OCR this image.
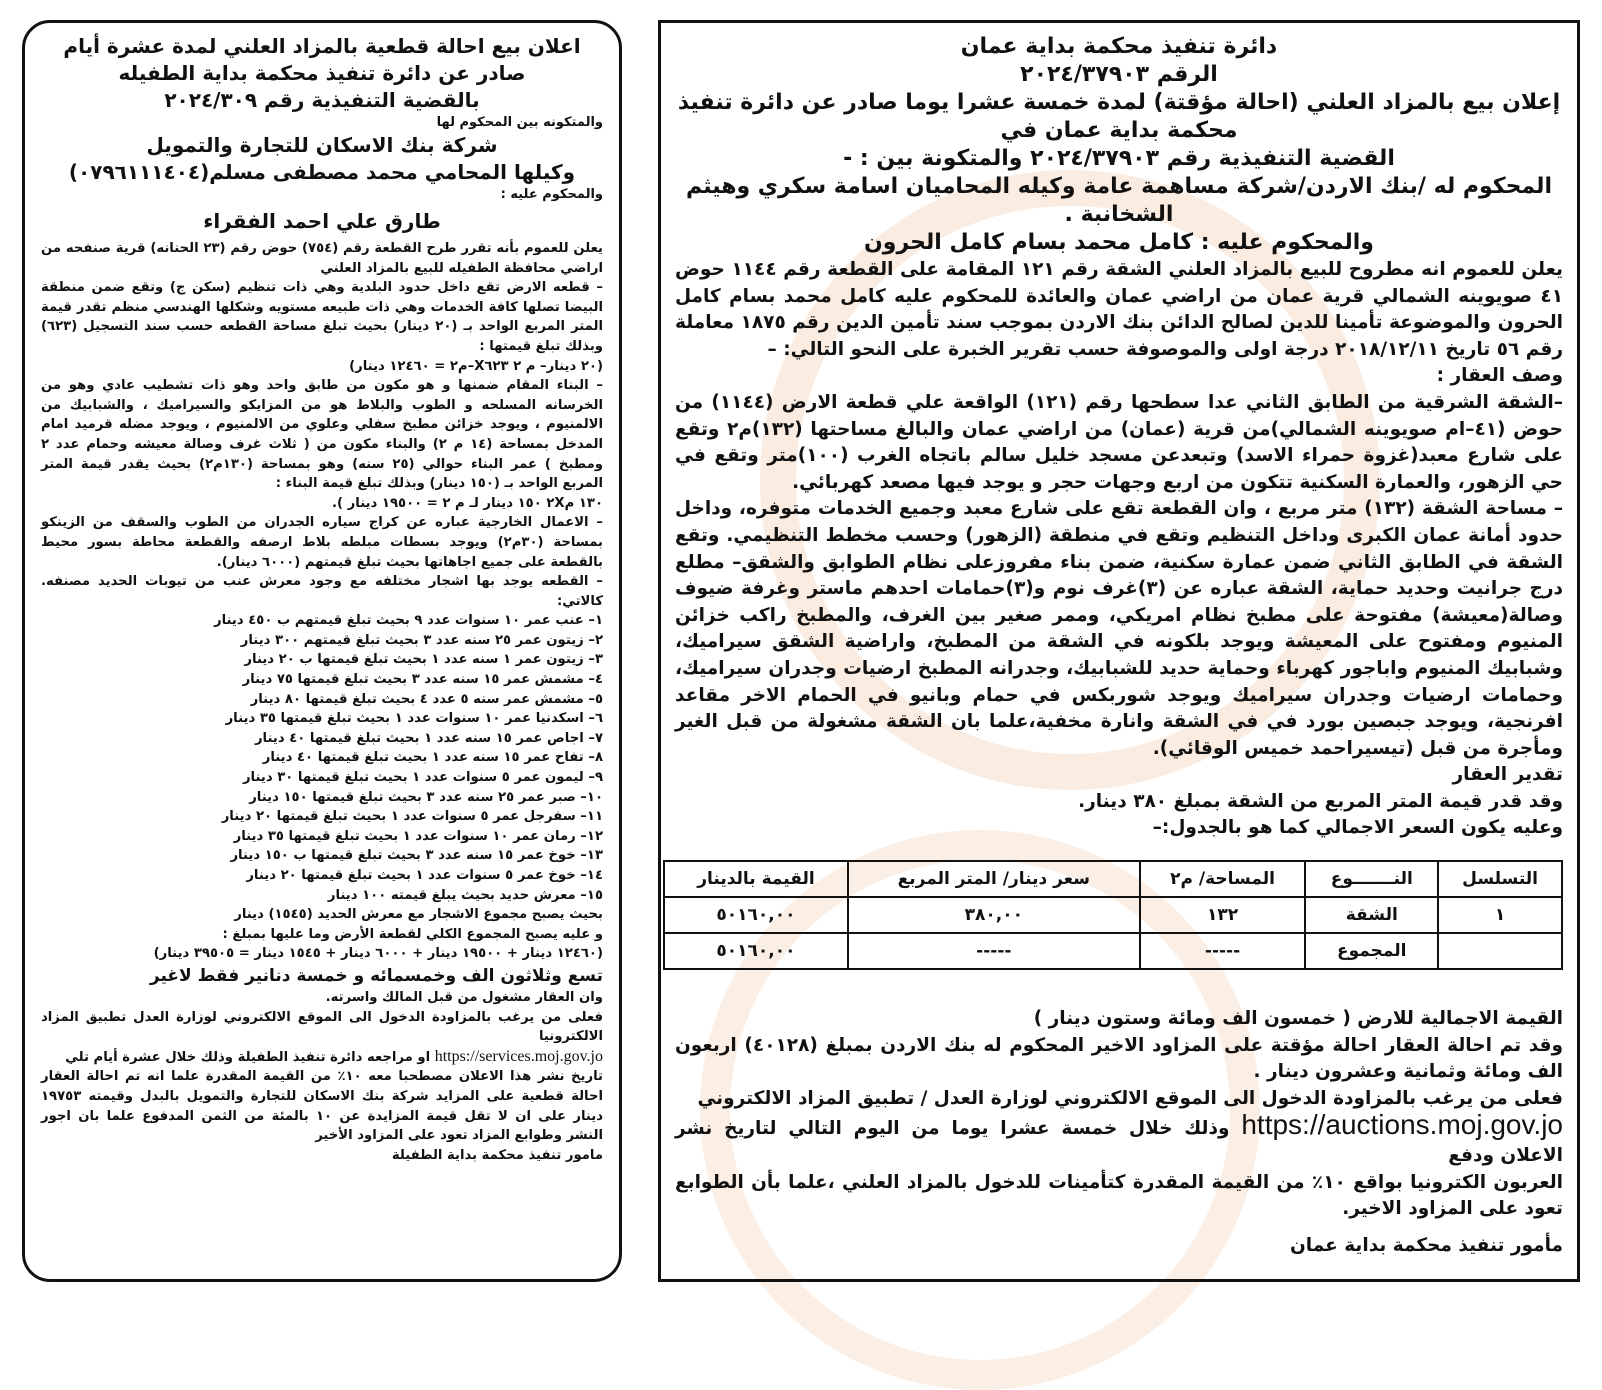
دائرة تنفيذ محكمة بداية عمان
الرقم ٢٠٢٤/٣٧٩٠٣
إعلان بيع بالمزاد العلني (احالة مؤقتة) لمدة خمسة عشرا يوما صادر عن دائرة تنفيذ محكمة بداية عمان في
القضية التنفيذية رقم ٢٠٢٤/٣٧٩٠٣ والمتكونة بين : -
المحكوم له /بنك الاردن/شركة مساهمة عامة وكيله المحاميان اسامة سكري وهيثم الشخانبة .
والمحكوم عليه : كامل محمد بسام كامل الحرون

يعلن للعموم انه مطروح للبيع بالمزاد العلني الشقة رقم ١٢١ المقامة على القطعة رقم ١١٤٤ حوض ٤١ صويوينه الشمالي قرية عمان من اراضي عمان والعائدة للمحكوم عليه كامل محمد بسام كامل الحرون والموضوعة تأمينا للدين لصالح الدائن بنك الاردن بموجب سند تأمين الدين رقم ١٨٧٥ معاملة رقم ٥٦ تاريخ ٢٠١٨/١٢/١١ درجة اولى والموصوفة حسب تقرير الخبرة على النحو التالي: –

وصف العقار :

–الشقة الشرقية من الطابق الثاني عدا سطحها رقم (١٢١) الواقعة علي قطعة الارض (١١٤٤) من حوض (٤١–ام صويوينه الشمالي)من قرية (عمان) من اراضي عمان والبالغ مساحتها (١٣٢)م٢ وتقع على شارع معبد(غزوة حمراء الاسد) وتبعدعن مسجد خليل سالم باتجاه الغرب (١٠٠)متر وتقع في حي الزهور، والعمارة السكنية تتكون من اربع وجهات حجر و يوجد فيها مصعد كهربائي.

– مساحة الشقة (١٣٢) متر مربع ، وان القطعة تقع على شارع معبد وجميع الخدمات متوفره، وداخل حدود أمانة عمان الكبرى وداخل التنظيم وتقع في منطقة (الزهور) وحسب مخطط التنظيمي. وتقع الشقة في الطابق الثاني ضمن عمارة سكنية، ضمن بناء مفروزعلى نظام الطوابق والشقق– مطلع درج جرانيت وحديد حماية، الشقة عباره عن (٣)غرف نوم و(٣)حمامات احدهم ماستر وغرفة ضيوف وصالة(معيشة) مفتوحة على مطبخ نظام امريكي، وممر صغير بين الغرف، والمطبخ راكب خزائن المنيوم ومفتوح على المعيشة ويوجد بلكونه في الشقة من المطبخ، واراضية الشقق سيراميك، وشبابيك المنيوم واباجور كهرباء وحماية حديد للشبابيك، وجدرانه المطبخ ارضيات وجدران سيراميك، وحمامات ارضيات وجدران سيراميك ويوجد شوربكس في حمام وبانيو في الحمام الاخر مقاعد افرنجية، ويوجد جبصين بورد في في الشقة وانارة مخفية،علما بان الشقة مشغولة من قبل الغير ومأجرة من قبل (تيسيراحمد خميس الوقائي).

تقدير العقار

وقد قدر قيمة المتر المربع من الشقة بمبلغ ٣٨٠ دينار.

وعليه يكون السعر الاجمالي كما هو بالجدول:–

التسلسل	النـــــــوع	المساحة/ م٢	سعر دينار/ المتر المربع	القيمة بالدينار
١	الشقة	١٣٢	٣٨٠,٠٠	٥٠١٦٠,٠٠
	المجموع	-----	-----	٥٠١٦٠,٠٠

القيمة الاجمالية للارض ( خمسون الف ومائة وستون دينار )

وقد تم احالة العقار احالة مؤقتة على المزاود الاخير المحكوم له بنك الاردن بمبلغ (٤٠١٢٨) اربعون الف ومائة وثمانية وعشرون دينار .

فعلى من يرغب بالمزاودة الدخول الى الموقع الالكتروني لوزارة العدل / تطبيق المزاد الالكتروني

https://auctions.moj.gov.jo وذلك خلال خمسة عشرا يوما من اليوم التالي لتاريخ نشر الاعلان ودفع

العربون الكترونيا بواقع ١٠٪ من القيمة المقدرة كتأمينات للدخول بالمزاد العلني ،علما بأن الطوابع تعود على المزاود الاخير.

مأمور تنفيذ محكمة بداية عمان

اعلان بيع احالة قطعية بالمزاد العلني لمدة عشرة أيام
صادر عن دائرة تنفيذ محكمة بداية الطفيله
بالقضية التنفيذية رقم ٢٠٢٤/٣٠٩
والمتكونه بين المحكوم لها
شركة بنك الاسكان للتجارة والتمويل
وكيلها المحامي محمد مصطفى مسلم(٠٧٩٦١١١٤٠٤)
والمحكوم عليه :
طارق علي احمد الفقراء

يعلن للعموم بأنه تقرر طرح القطعة رقم (٧٥٤) حوض رقم (٢٣ الحنانه) قرية صنفحه من اراضي محافظة الطفيله للبيع بالمزاد العلني

– قطعه الارض تقع داخل حدود البلدية وهي ذات تنظيم (سكن ج) وتقع ضمن منطقة البيضا تصلها كافة الخدمات وهي ذات طبيعه مستويه وشكلها الهندسي منظم تقدر قيمة المتر المربع الواحد بـ (٢٠ دينار) بحيث تبلغ مساحة القطعه حسب سند التسجيل (٦٢٣) وبذلك تبلغ قيمتها :

(٢٠ دينار– م ٢ X٦٢٣–م٢ = ١٢٤٦٠ دينار)

– البناء المقام ضمنها و هو مكون من طابق واحد وهو ذات تشطيب عادي وهو من الخرسانه المسلحه و الطوب والبلاط هو من المزايكو والسيراميك ، والشبابيك من الالمنيوم ، ويوجد خزائن مطبخ سفلي وعلوي من الالمنيوم ، ويوجد مضله قرميد امام المدخل بمساحة (١٤ م ٢) والبناء مكون من ( ثلاث غرف وصالة معيشه وحمام عدد ٢ ومطبخ ) عمر البناء حوالي (٢٥ سنه) وهو بمساحة (١٣٠م٢) بحيث يقدر قيمة المتر المربع الواحد بـ (١٥٠ دينار) وبذلك تبلغ قيمة البناء :

١٣٠ م٢X ١٥٠ دينار لـ م ٢ = ١٩٥٠٠ دينار ).

– الاعمال الخارجية عباره عن كراج سياره الجدران من الطوب والسقف من الزينكو بمساحة (٣٠م٢) ويوجد بسطات مبلطه بلاط ارصفه والقطعة محاطة بسور محيط بالقطعة على جميع اجاهاتها بحيث تبلغ قيمتهم (٦٠٠٠ دينار).

– القطعه يوجد بها اشجار مختلفه مع وجود معرش عنب من تيوبات الحديد مصنفه. كالاتي:

١– عنب عمر ١٠ سنوات عدد ٩ بحيث تبلغ قيمتهم ب ٤٥٠ دينار

٢– زيتون عمر ٢٥ سنه عدد ٣ بحيث تبلغ قيمتهم ٣٠٠ دينار

٣– زيتون عمر ١ سنه عدد ١ بحيث تبلغ قيمتها ب ٢٠ دينار

٤– مشمش عمر ١٥ سنه عدد ٣ بحيث تبلغ قيمتها ٧٥ دينار

٥– مشمش عمر سنه ٥ عدد ٤ بحيث تبلغ قيمتها ٨٠ دينار

٦– اسكدنيا عمر ١٠ سنوات عدد ١ بحيث تبلغ قيمتها ٣٥ دينار

٧– اجاص عمر ١٥ سنه عدد ١ بحيث تبلغ قيمتها ٤٠ دينار

٨– تفاح عمر ١٥ سنه عدد ١ بحيث تبلغ قيمتها ٤٠ دينار

٩– ليمون عمر ٥ سنوات عدد ١ بحيث تبلغ قيمتها ٣٠ دينار

١٠– صبر عمر ٢٥ سنه عدد ٣ بحيث تبلغ قيمتها ١٥٠ دينار

١١– سفرجل عمر ٥ سنوات عدد ١ بحيث تبلغ قيمتها ٢٠ دينار

١٢– رمان عمر ١٠ سنوات عدد ١ بحيث تبلغ قيمتها ٣٥ دينار

١٣– خوخ عمر ١٥ سنه عدد ٣ بحيث تبلغ قيمتها ب ١٥٠ دينار

١٤– خوخ عمر ٥ سنوات عدد ١ بحيث تبلغ قيمتها ٢٠ دينار

١٥– معرش حديد بحيث يبلغ قيمته ١٠٠ دينار

بحيث يصبح مجموع الاشجار مع معرش الحديد (١٥٤٥) دينار

و عليه يصبح المجموع الكلي لقطعة الأرض وما عليها بمبلغ :

(١٢٤٦٠ دينار + ١٩٥٠٠ دينار + ٦٠٠٠ دينار + ١٥٤٥ دينار = ٣٩٥٠٥ دينار)

تسع وثلاثون الف وخمسمائه و خمسة دنانير فقط لاغير

وان العقار مشغول من قبل المالك واسرته.

فعلى من يرغب بالمزاودة الدخول الى الموقع الالكتروني لوزارة العدل تطبيق المزاد الالكترونيا

https://services.moj.gov.jo او مراجعه دائرة تنفيذ الطفيلة وذلك خلال عشرة أيام تلي

تاريخ نشر هذا الاعلان مصطحبا معه ١٠٪ من القيمة المقدرة علما انه تم احالة العقار احالة قطعية على المزايد شركة بنك الاسكان للتجارة والتمويل بالبدل وقيمته ١٩٧٥٣ دينار على ان لا تقل قيمة المزايدة عن ١٠ بالمئة من الثمن المدفوع علما بان اجور النشر وطوابع المزاد تعود على المزاود الأخير

مامور تنفيذ محكمة بداية الطفيلة
